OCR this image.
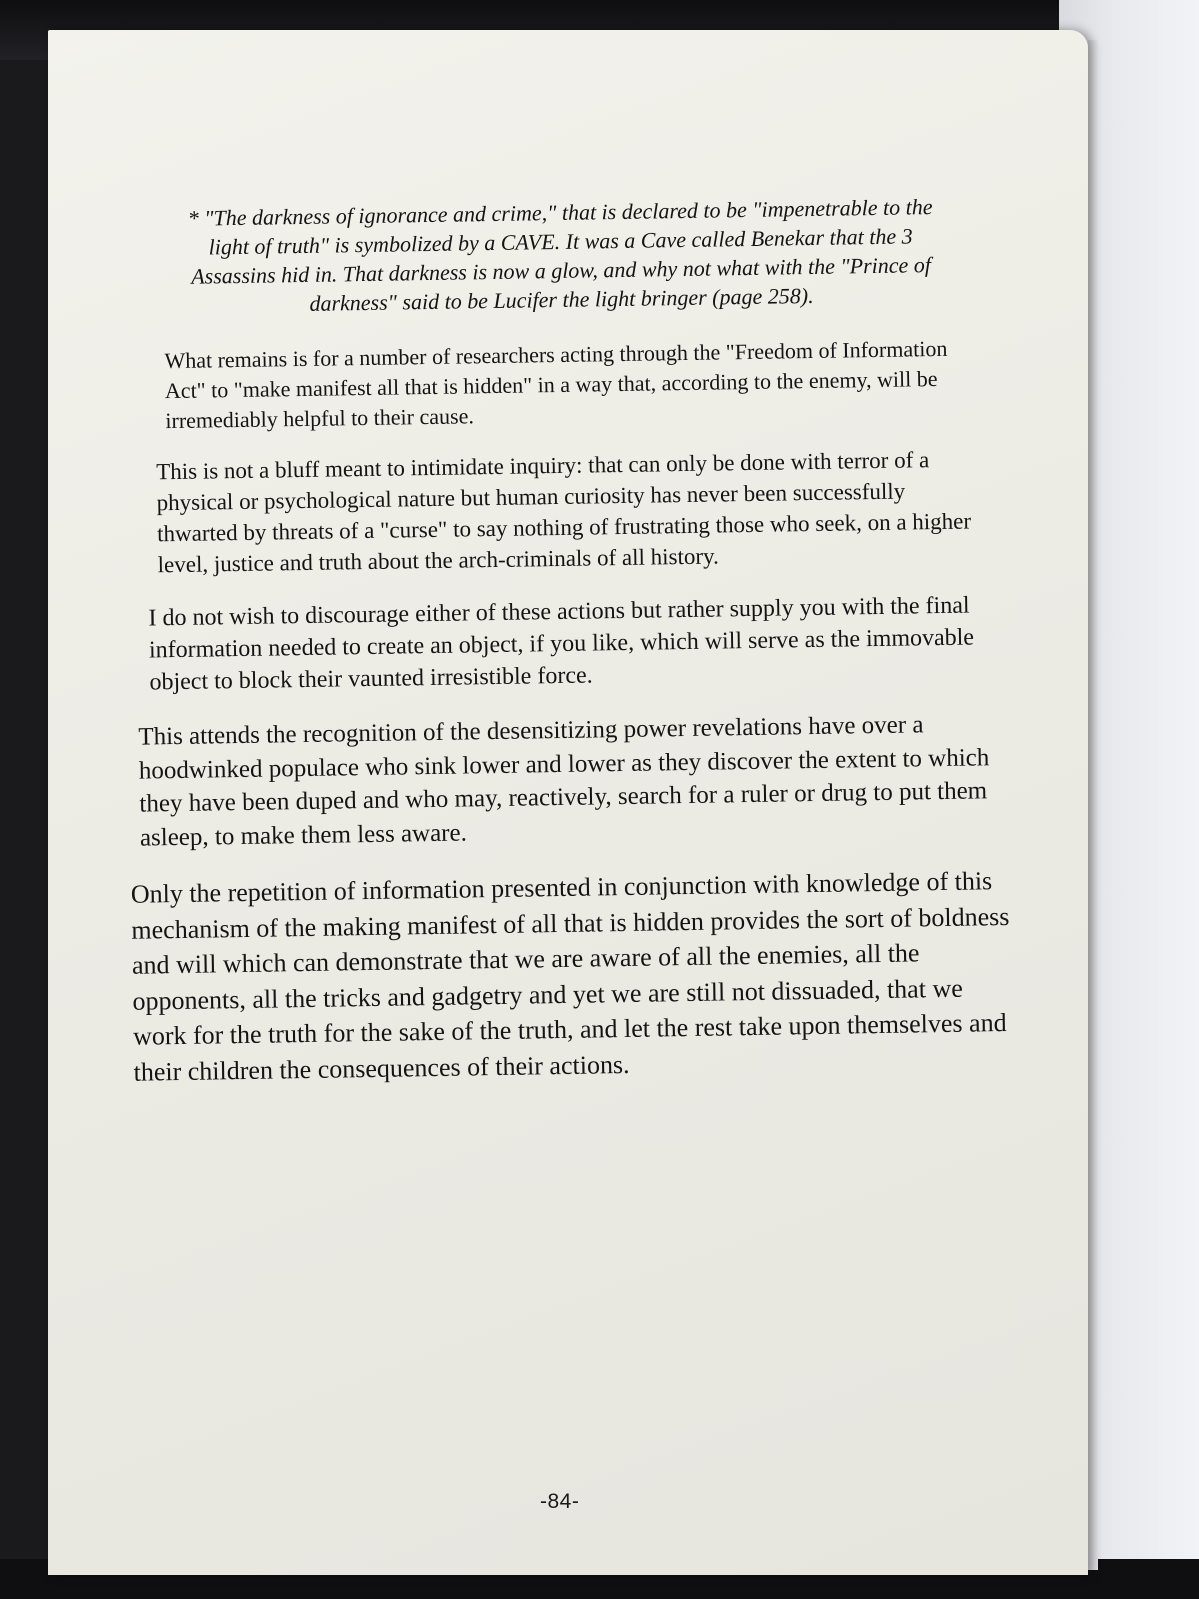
* "The darkness of ignorance and crime," that is declared to be "impenetrable to the light of truth" is symbolized by a CAVE. It was a Cave called Benekar that the 3 Assassins hid in. That darkness is now a glow, and why not what with the "Prince of darkness" said to be Lucifer the light bringer (page 258).

What remains is for a number of researchers acting through the "Freedom of Information Act" to "make manifest all that is hidden" in a way that, according to the enemy, will be irremediably helpful to their cause.

This is not a bluff meant to intimidate inquiry: that can only be done with terror of a physical or psychological nature but human curiosity has never been successfully thwarted by threats of a "curse" to say nothing of frustrating those who seek, on a higher level, justice and truth about the arch-criminals of all history.

I do not wish to discourage either of these actions but rather supply you with the final information needed to create an object, if you like, which will serve as the immovable object to block their vaunted irresistible force.

This attends the recognition of the desensitizing power revelations have over a hoodwinked populace who sink lower and lower as they discover the extent to which they have been duped and who may, reactively, search for a ruler or drug to put them asleep, to make them less aware.

Only the repetition of information presented in conjunction with knowledge of this mechanism of the making manifest of all that is hidden provides the sort of boldness and will which can demonstrate that we are aware of all the enemies, all the opponents, all the tricks and gadgetry and yet we are still not dissuaded, that we work for the truth for the sake of the truth, and let the rest take upon themselves and their children the consequences of their actions.

-84-
